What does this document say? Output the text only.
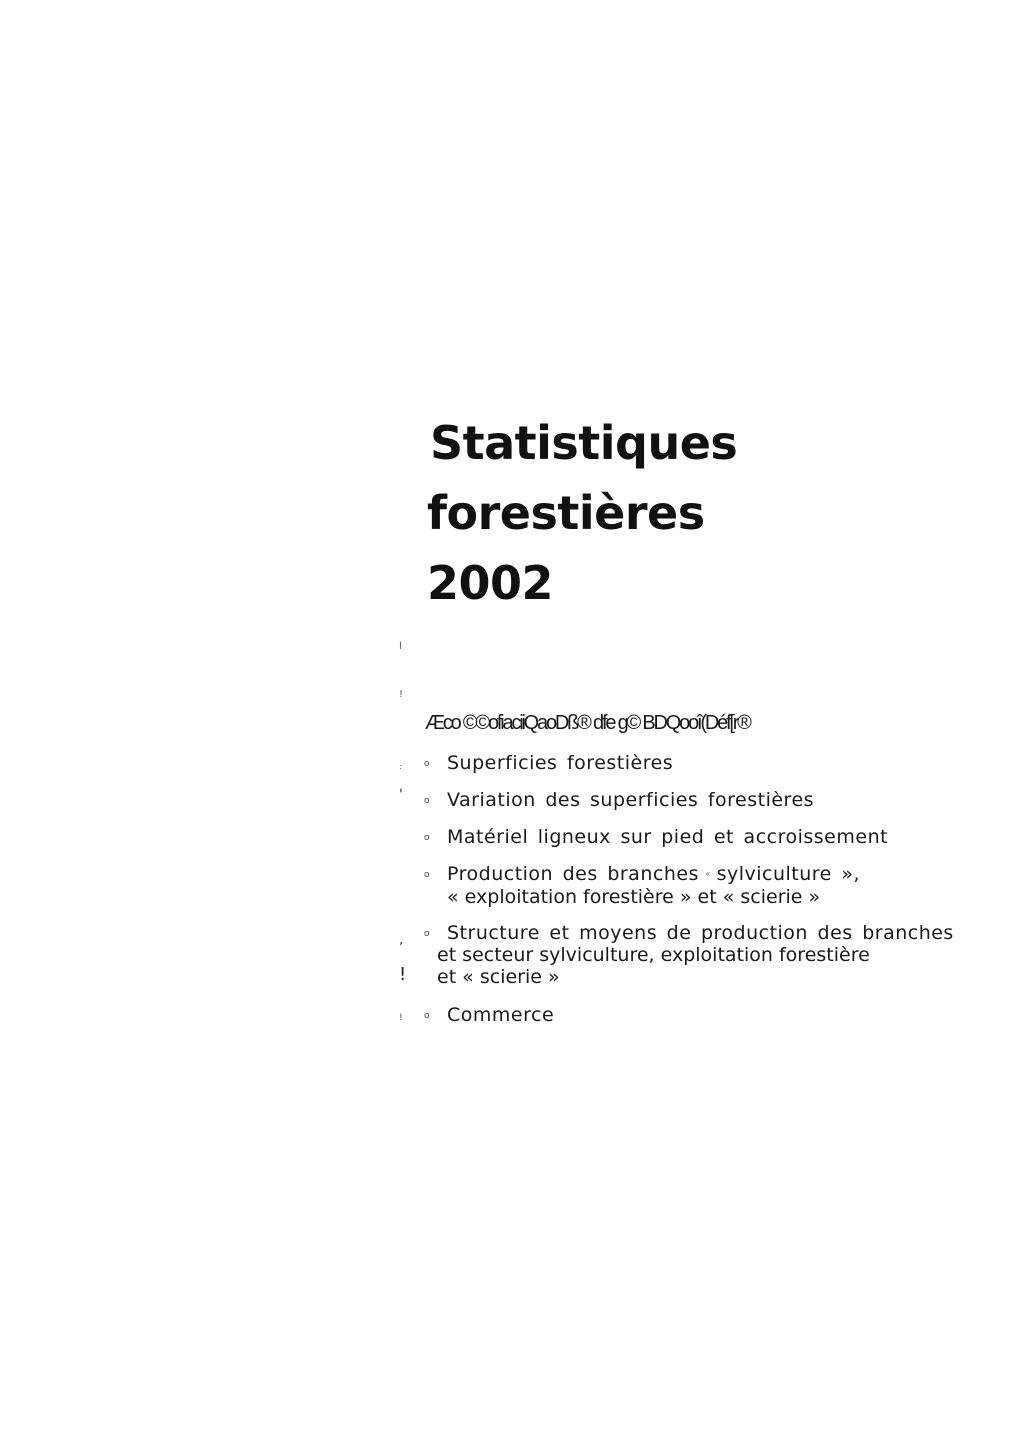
Statistiques
forestières
2002
l
!
:
'
’
!
!
Æco ©©ofiaciiQaoDß® dfe g© BDQooî(Déf[r®
o Superficies forestières
o Variation des superficies forestières
o Matériel ligneux sur pied et accroissement
o Production des branches « sylviculture »,
« exploitation forestière » et « scierie »
o Structure et moyens de production des branches
et secteur sylviculture, exploitation forestière
et « scierie »
o Commerce
